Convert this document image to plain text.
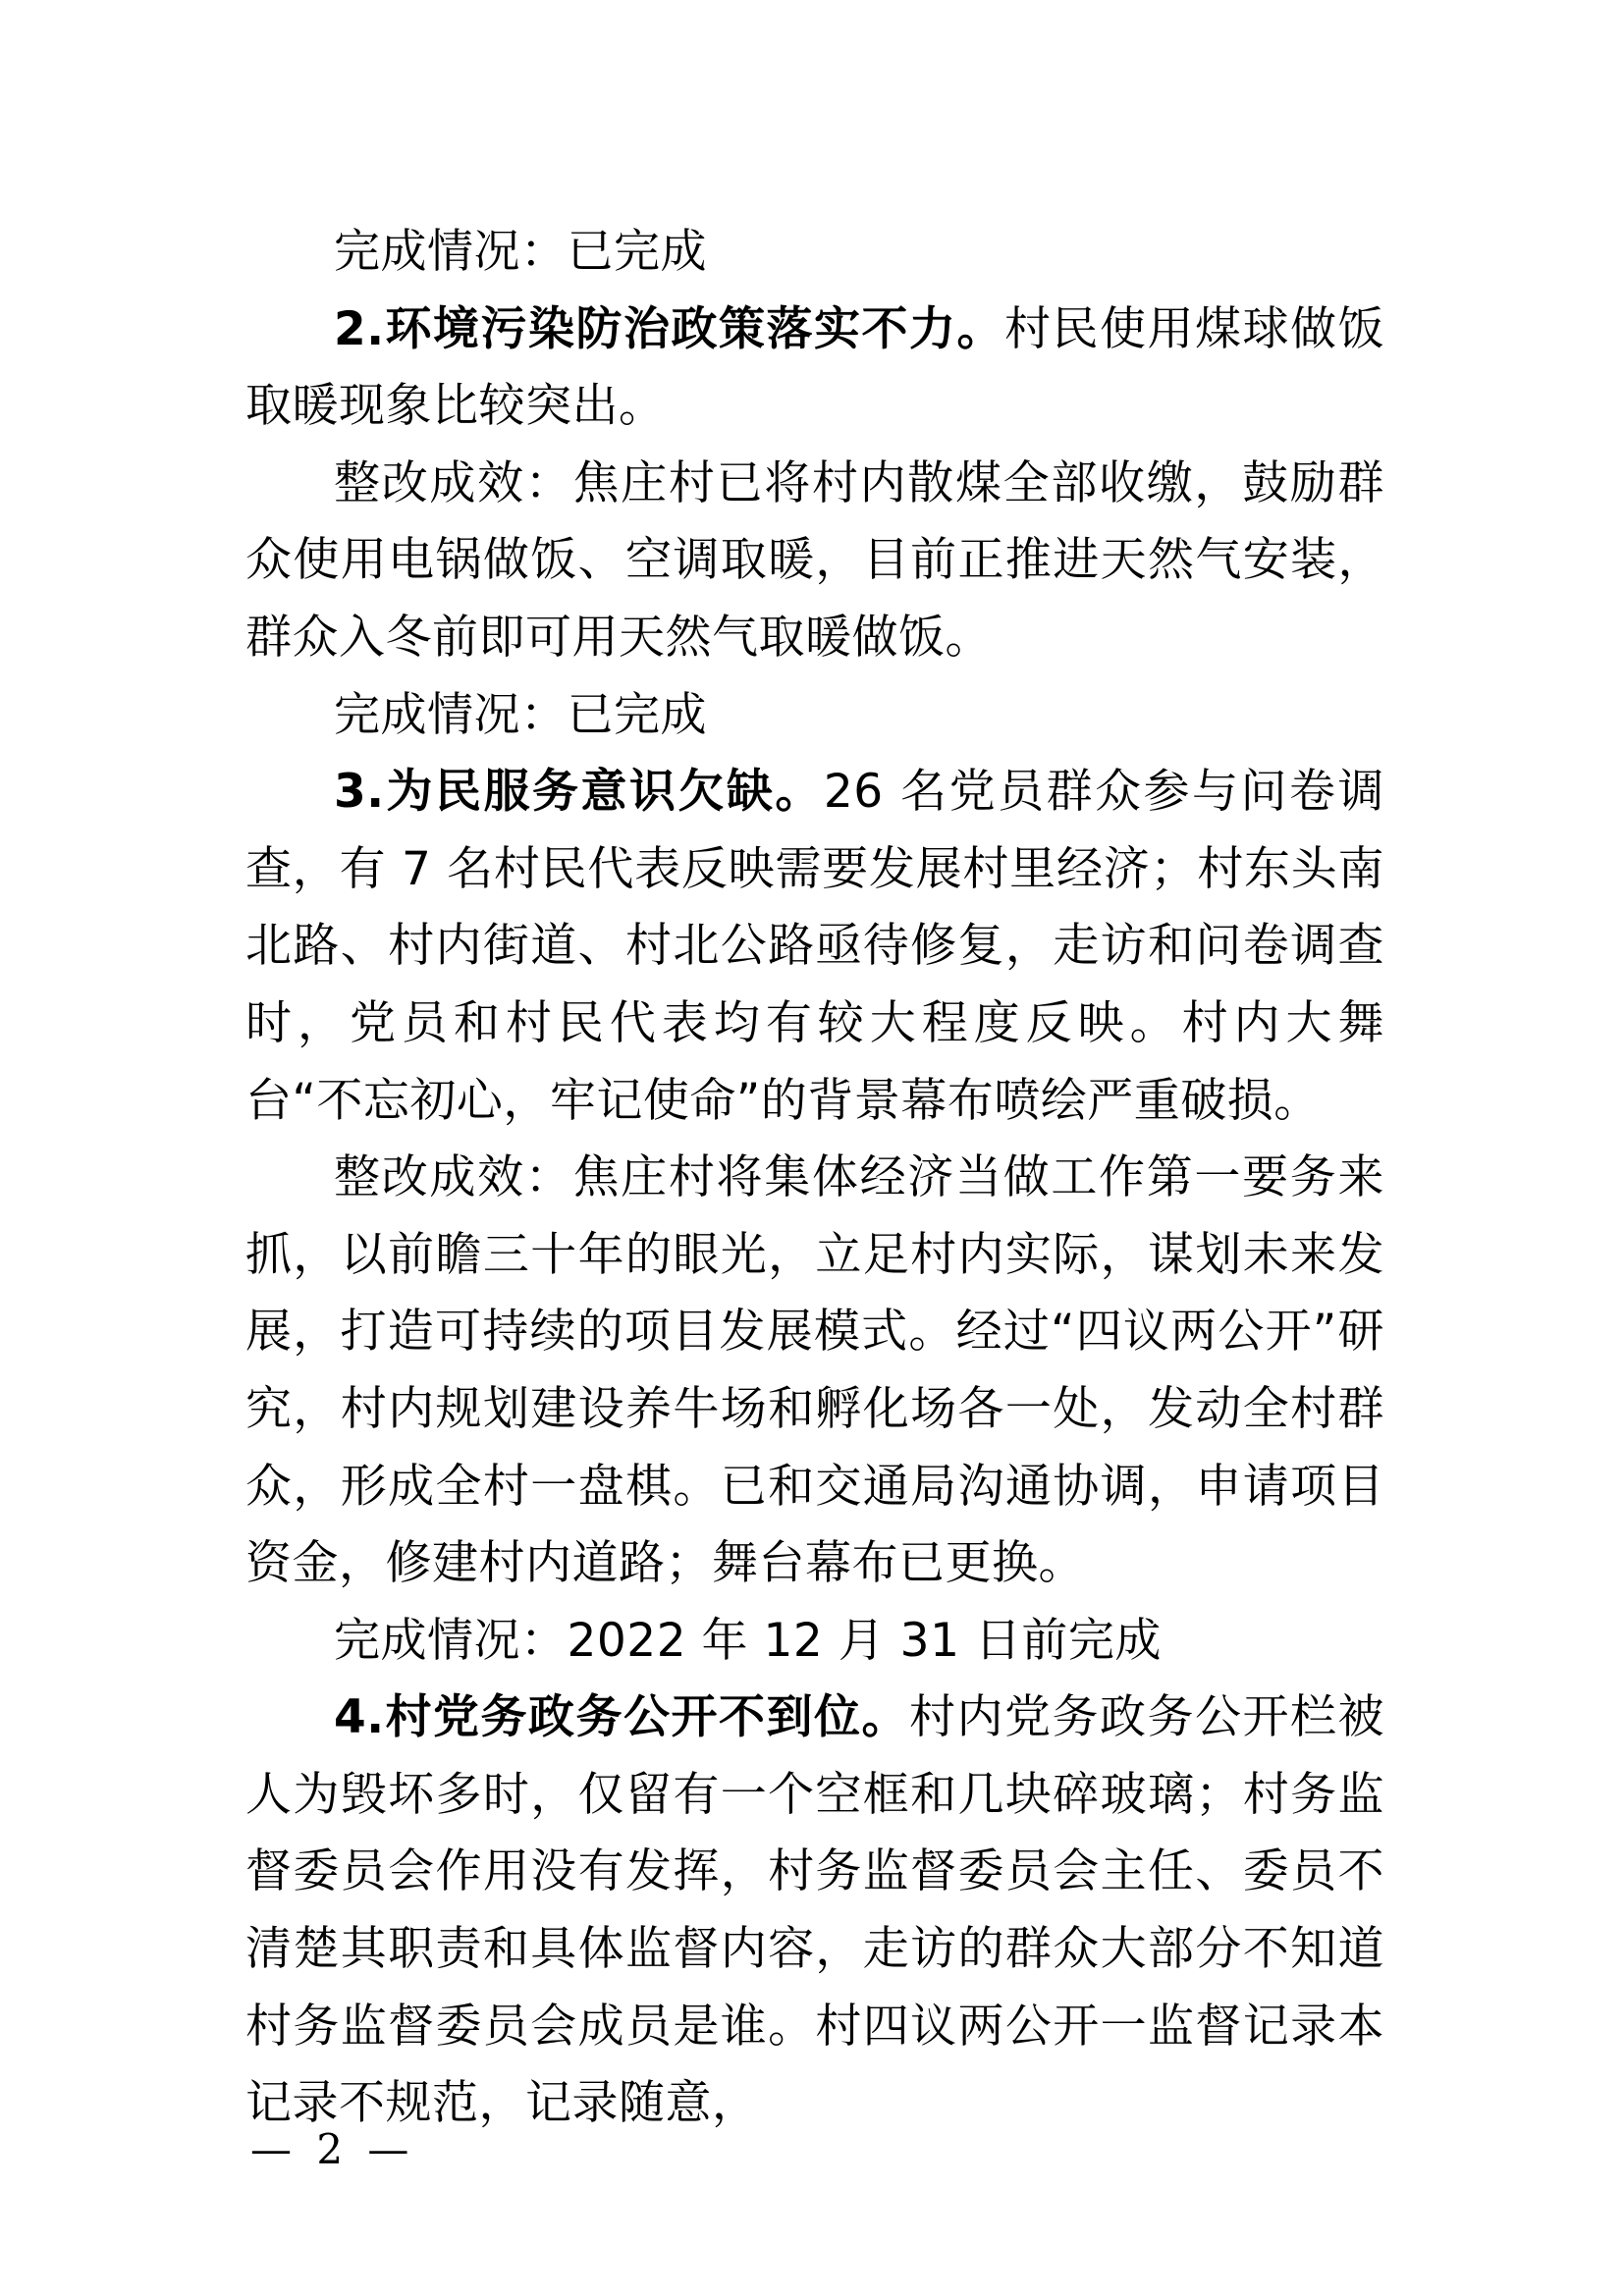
完成情况：已完成

2.环境污染防治政策落实不力。村民使用煤球做饭取暖现象比较突出。

整改成效：焦庄村已将村内散煤全部收缴，鼓励群众使用电锅做饭、空调取暖，目前正推进天然气安装，群众入冬前即可用天然气取暖做饭。

完成情况：已完成

3.为民服务意识欠缺。26 名党员群众参与问卷调查，有 7 名村民代表反映需要发展村里经济；村东头南北路、村内街道、村北公路亟待修复，走访和问卷调查时，党员和村民代表均有较大程度反映。村内大舞台“不忘初心，牢记使命”的背景幕布喷绘严重破损。

整改成效：焦庄村将集体经济当做工作第一要务来抓，以前瞻三十年的眼光，立足村内实际，谋划未来发展，打造可持续的项目发展模式。经过“四议两公开”研究，村内规划建设养牛场和孵化场各一处，发动全村群众，形成全村一盘棋。已和交通局沟通协调，申请项目资金，修建村内道路；舞台幕布已更换。

完成情况：2022 年 12 月 31 日前完成

4.村党务政务公开不到位。村内党务政务公开栏被人为毁坏多时，仅留有一个空框和几块碎玻璃；村务监督委员会作用没有发挥，村务监督委员会主任、委员不清楚其职责和具体监督内容，走访的群众大部分不知道村务监督委员会成员是谁。村四议两公开一监督记录本记录不规范，记录随意，

— 2 —
